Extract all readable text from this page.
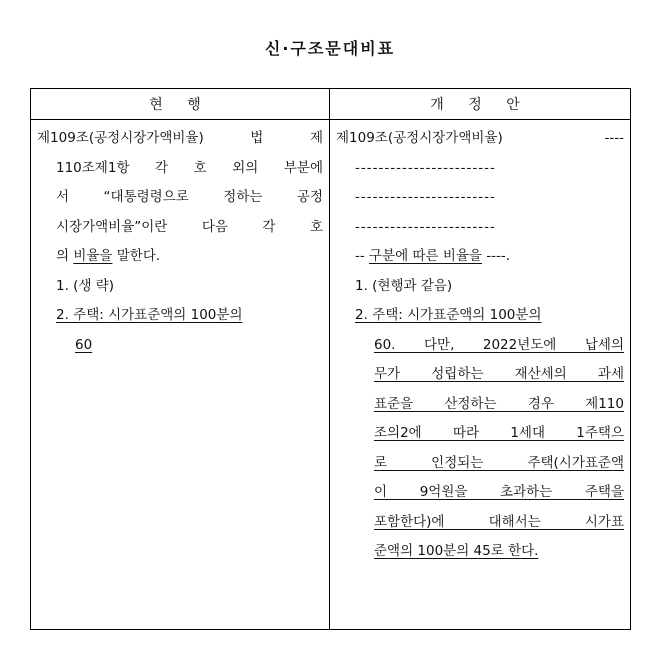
신·구조문대비표
현 행	개 정 안
제109조(공정시장가액비율) 법 제
110조제1항 각 호 외의 부분에
서 “대통령령으로 정하는 공정
시장가액비율”이란 다음 각 호
의 비율을 말한다.
1. (생 략)
2. 주택: 시가표준액의 100분의
60
제109조(공정시장가액비율) ----
------------------------
------------------------
------------------------
-- 구분에 따른 비율을 ----.
1. (현행과 같음)
2. 주택: 시가표준액의 100분의
60. 다만, 2022년도에 납세의
무가 성립하는 재산세의 과세
표준을 산정하는 경우 제110
조의2에 따라 1세대 1주택으
로 인정되는 주택(시가표준액
이 9억원을 초과하는 주택을
포함한다)에 대해서는 시가표
준액의 100분의 45로 한다.
